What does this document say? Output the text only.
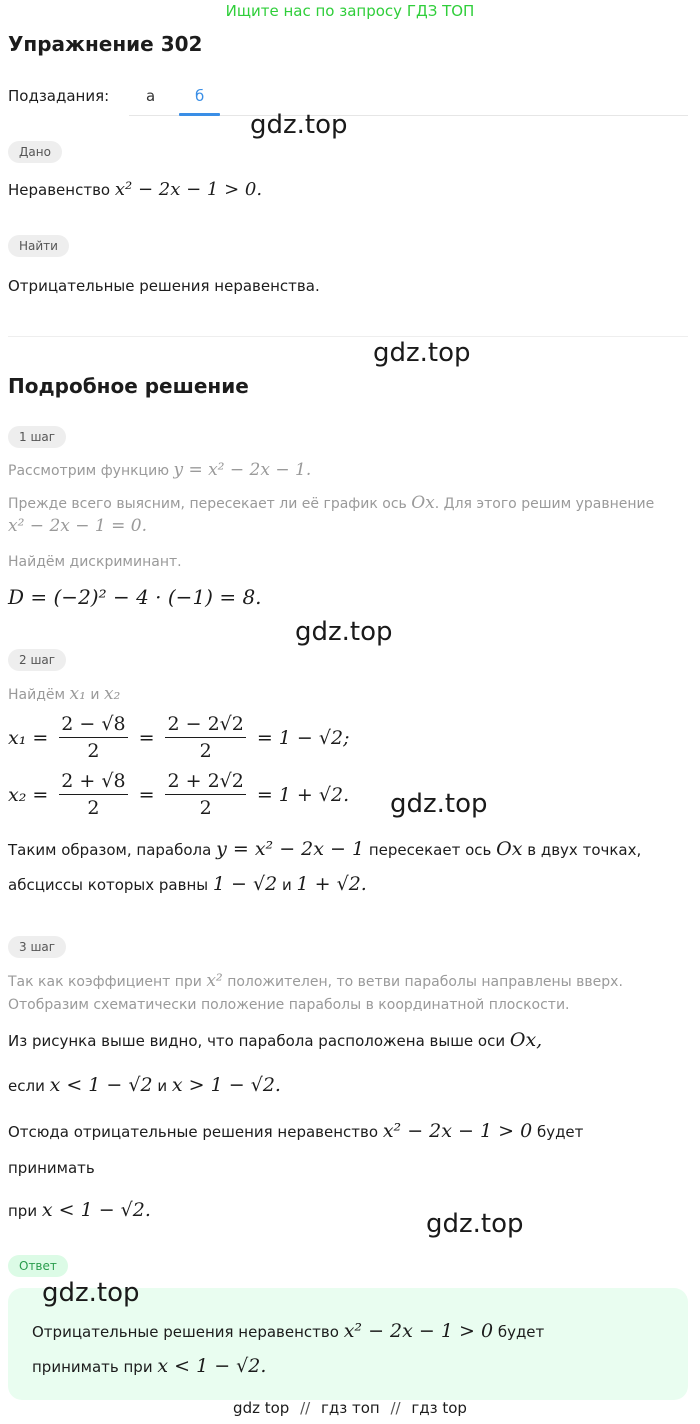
Ищите нас по запросу ГДЗ ТОП
Упражнение 302
Подзадания: а	б
gdz.top
gdz.top
gdz.top
gdz.top
gdz.top
gdz.top
Дано
Неравенство x² − 2x − 1 > 0.
Найти
Отрицательные решения неравенства.
Подробное решение
1 шаг
Рассмотрим функцию y = x² − 2x − 1.
Прежде всего выясним, пересекает ли её график ось Ox. Для этого решим уравнение
x² − 2x − 1 = 0.
Найдём дискриминант.
D = (−2)² − 4 · (−1) = 8.
2 шаг
Найдём x₁ и x₂
$x_1 = \frac{2 - √8}{2} = \frac{2 - 2√2}{2} = 1 - √2$;
$x_2 = \frac{2 + √8}{2} = \frac{2 + 2√2}{2} = 1 + √2$.
Таким образом, парабола y = x² − 2x − 1 пересекает ось Ox в двух точках,
абсциссы которых равны 1 − √2 и 1 + √2.
3 шаг
Так как коэффициент при x² положителен, то ветви параболы направлены вверх.
Отобразим схематически положение параболы в координатной плоскости.
Из рисунка выше видно, что парабола расположена выше оси Ox,
если x < 1 − √2 и x > 1 − √2.
Отсюда отрицательные решения неравенство x² − 2x − 1 > 0 будет
принимать
при x < 1 − √2.
Ответ
Отрицательные решения неравенство x² − 2x − 1 > 0 будет
принимать при x < 1 − √2.
gdz top // гдз топ // гдз top
